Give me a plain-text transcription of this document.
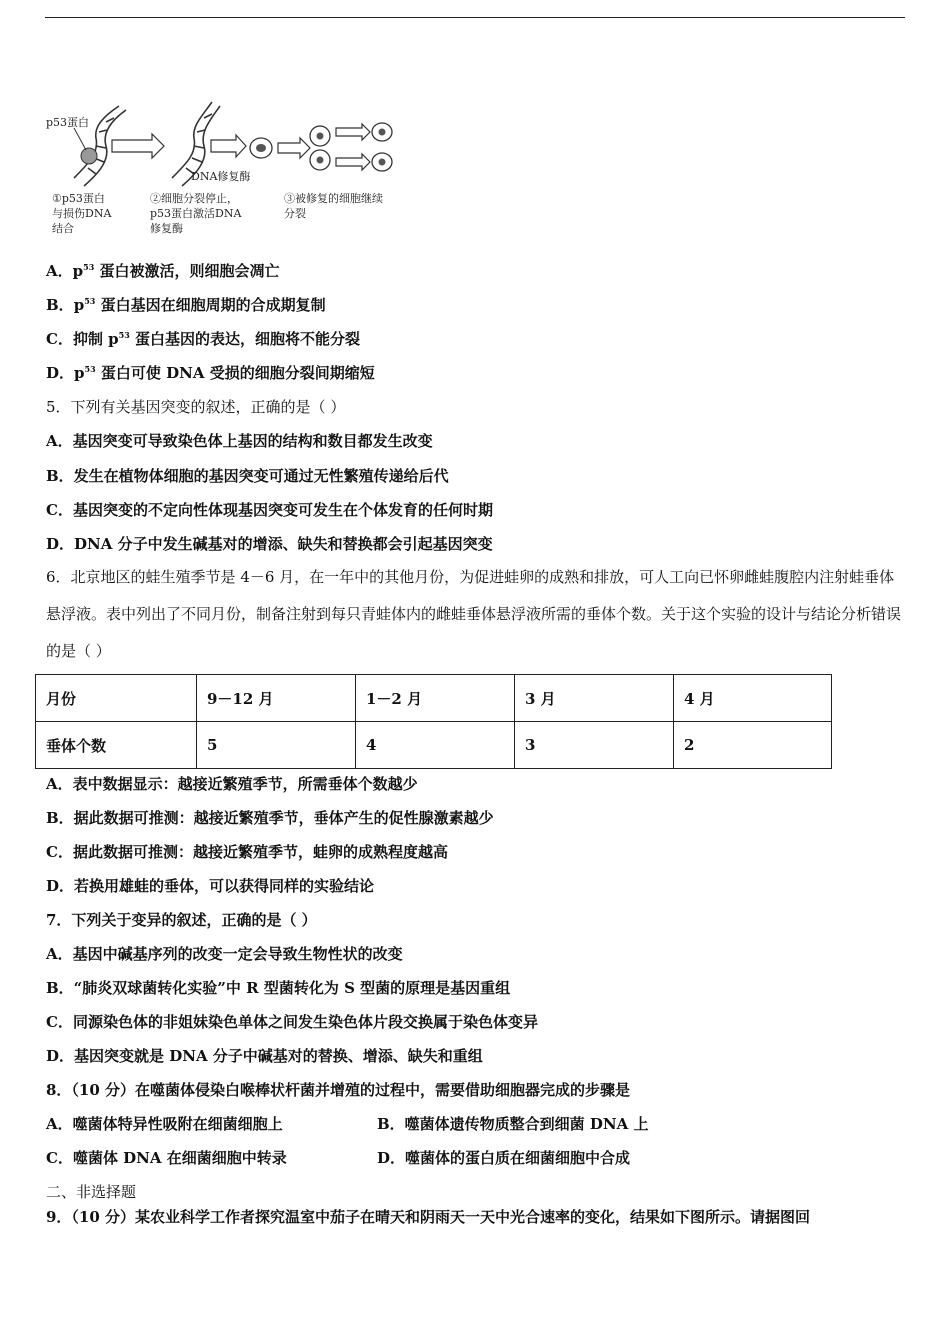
p53蛋白
DNA修复酶
①p53蛋白
与损伤DNA
结合
②细胞分裂停止，
p53蛋白激活DNA
修复酶
③被修复的细胞继续
分裂
A．$p^{53}$ 蛋白被激活，则细胞会凋亡
B．$p^{53}$ 蛋白基因在细胞周期的合成期复制
C．抑制 $p^{53}$ 蛋白基因的表达，细胞将不能分裂
D．$p^{53}$ 蛋白可使 DNA 受损的细胞分裂间期缩短
5．下列有关基因突变的叙述，正确的是（ ）
A．基因突变可导致染色体上基因的结构和数目都发生改变
B．发生在植物体细胞的基因突变可通过无性繁殖传递给后代
C．基因突变的不定向性体现基因突变可发生在个体发育的任何时期
D．DNA 分子中发生碱基对的增添、缺失和替换都会引起基因突变
6．北京地区的蛙生殖季节是 4－6 月，在一年中的其他月份，为促进蛙卵的成熟和排放，可人工向已怀卵雌蛙腹腔内注射蛙垂体悬浮液。表中列出了不同月份，制备注射到每只青蛙体内的雌蛙垂体悬浮液所需的垂体个数。关于这个实验的设计与结论分析错误的是（ ）
月份	9－12 月	1－2 月	3 月	4 月
垂体个数	5	4	3	2
A．表中数据显示：越接近繁殖季节，所需垂体个数越少
B．据此数据可推测：越接近繁殖季节，垂体产生的促性腺激素越少
C．据此数据可推测：越接近繁殖季节，蛙卵的成熟程度越高
D．若换用雄蛙的垂体，可以获得同样的实验结论
7．下列关于变异的叙述，正确的是（ ）
A．基因中碱基序列的改变一定会导致生物性状的改变
B．“肺炎双球菌转化实验”中 R 型菌转化为 S 型菌的原理是基因重组
C．同源染色体的非姐妹染色单体之间发生染色体片段交换属于染色体变异
D．基因突变就是 DNA 分子中碱基对的替换、增添、缺失和重组
8．（10 分）在噬菌体侵染白喉棒状杆菌并增殖的过程中，需要借助细胞器完成的步骤是
A．噬菌体特异性吸附在细菌细胞上	B．噬菌体遗传物质整合到细菌 DNA 上
C．噬菌体 DNA 在细菌细胞中转录	D．噬菌体的蛋白质在细菌细胞中合成
二、非选择题
9．（10 分）某农业科学工作者探究温室中茄子在晴天和阴雨天一天中光合速率的变化，结果如下图所示。请据图回
